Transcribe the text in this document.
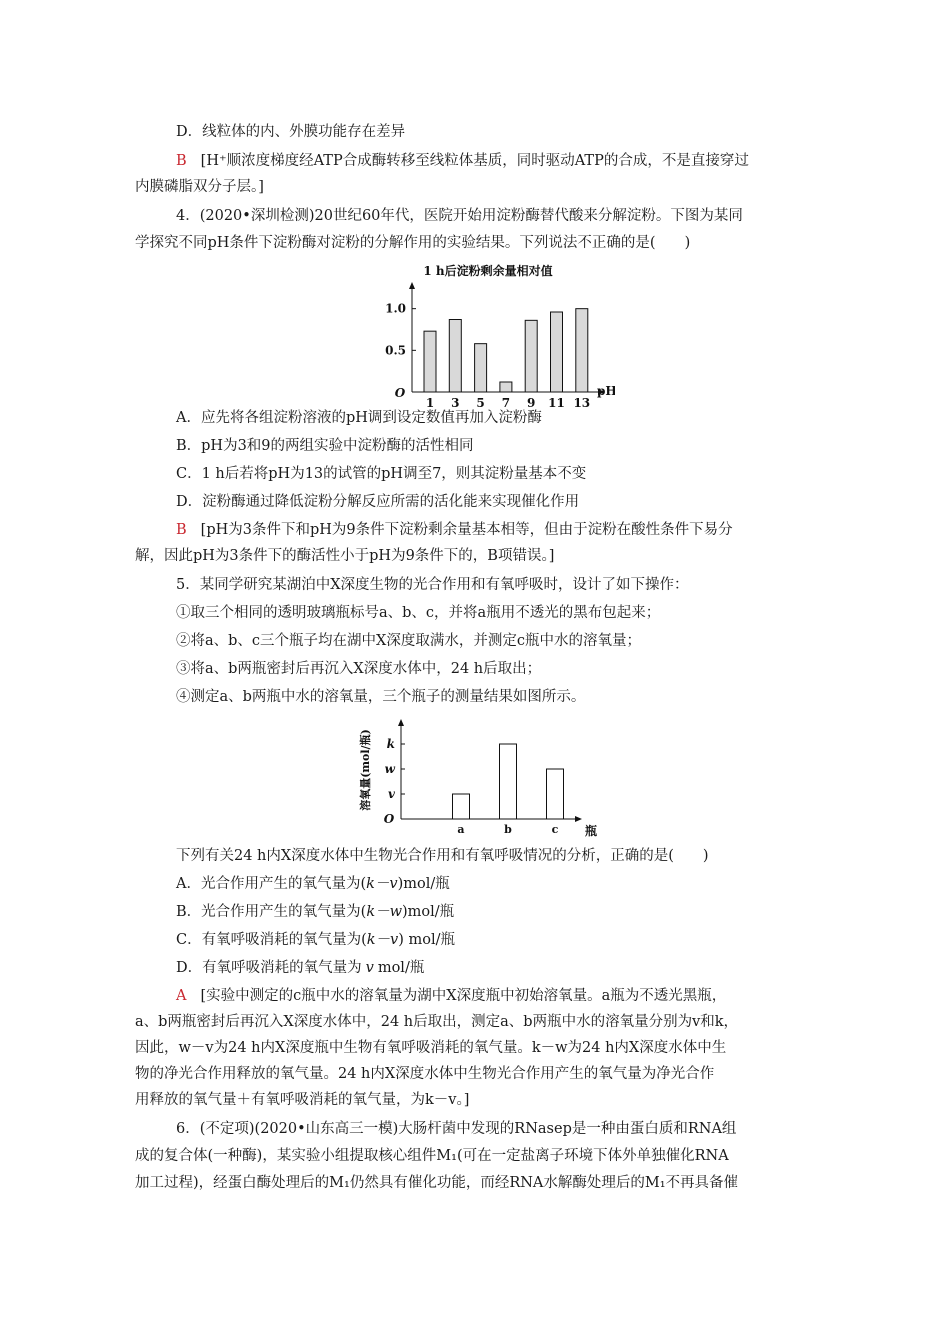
D．线粒体的内、外膜功能存在差异
B [H⁺顺浓度梯度经ATP合成酶转移至线粒体基质，同时驱动ATP的合成，不是直接穿过
内膜磷脂双分子层。]
4．(2020•深圳检测)20世纪60年代，医院开始用淀粉酶替代酸来分解淀粉。下图为某同
学探究不同pH条件下淀粉酶对淀粉的分解作用的实验结果。下列说法不正确的是(　　)
1 h后淀粉剩余量相对值
O	pH
0.5
1.0
1 3 5 7 9 11 13
A．应先将各组淀粉溶液的pH调到设定数值再加入淀粉酶
B．pH为3和9的两组实验中淀粉酶的活性相同
C．1 h后若将pH为13的试管的pH调至7，则其淀粉量基本不变
D．淀粉酶通过降低淀粉分解反应所需的活化能来实现催化作用
B [pH为3条件下和pH为9条件下淀粉剩余量基本相等，但由于淀粉在酸性条件下易分
解，因此pH为3条件下的酶活性小于pH为9条件下的，B项错误。]
5．某同学研究某湖泊中X深度生物的光合作用和有氧呼吸时，设计了如下操作：
①取三个相同的透明玻璃瓶标号a、b、c，并将a瓶用不透光的黑布包起来；
②将a、b、c三个瓶子均在湖中X深度取满水，并测定c瓶中水的溶氧量；
③将a、b两瓶密封后再沉入X深度水体中，24 h后取出；
④测定a、b两瓶中水的溶氧量，三个瓶子的测量结果如图所示。
溶氧量(mol/瓶)
O
瓶
v
w
k
a	b	c
下列有关24 h内X深度水体中生物光合作用和有氧呼吸情况的分析，正确的是(　　)
A．光合作用产生的氧气量为(k－v)mol/瓶
B．光合作用产生的氧气量为(k－w)mol/瓶
C．有氧呼吸消耗的氧气量为(k－v) mol/瓶
D．有氧呼吸消耗的氧气量为 v mol/瓶
A [实验中测定的c瓶中水的溶氧量为湖中X深度瓶中初始溶氧量。a瓶为不透光黑瓶，
a、b两瓶密封后再沉入X深度水体中，24 h后取出，测定a、b两瓶中水的溶氧量分别为v和k，
因此，w－v为24 h内X深度瓶中生物有氧呼吸消耗的氧气量。k－w为24 h内X深度水体中生
物的净光合作用释放的氧气量。24 h内X深度水体中生物光合作用产生的氧气量为净光合作
用释放的氧气量＋有氧呼吸消耗的氧气量，为k－v。]
6．(不定项)(2020•山东高三一模)大肠杆菌中发现的RNasep是一种由蛋白质和RNA组
成的复合体(一种酶)，某实验小组提取核心组件M₁(可在一定盐离子环境下体外单独催化RNA
加工过程)，经蛋白酶处理后的M₁仍然具有催化功能，而经RNA水解酶处理后的M₁不再具备催
